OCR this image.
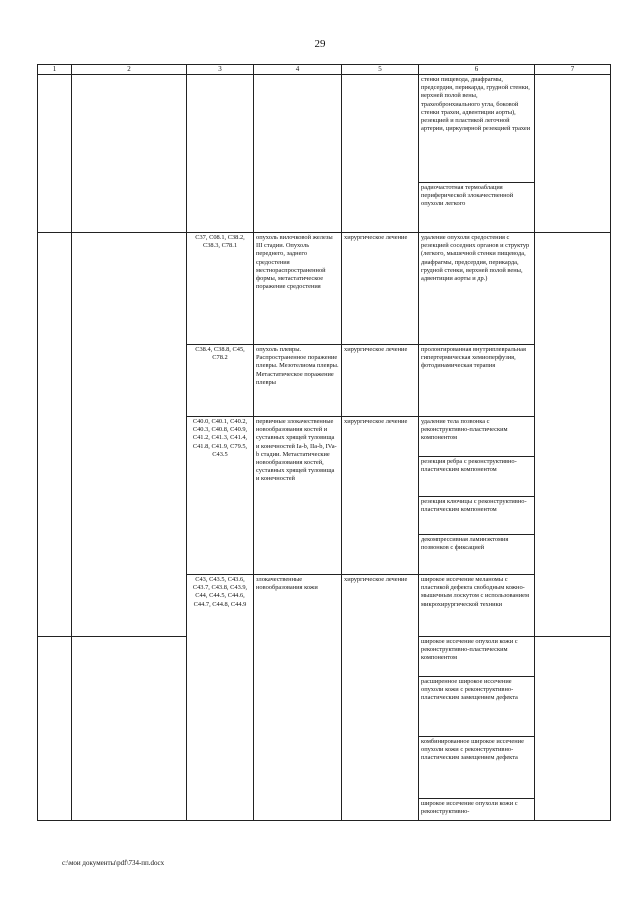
29
1	2	3	4	5	6	7
					стенки пищевода, диафрагмы, предсердия, перикарда, грудной стенки, верхней полой вены, трахеобронхиального угла, боковой стенки трахеи, адвентиции аорты), резекцией и пластикой легочной артерии, циркулярной резекцией трахеи	
					радиочастотная термоаблация периферической злокачественной опухоли легкого	
		C37, C08.1, C38.2, C38.3, C78.1	опухоль вилочковой железы III стадии. Опухоль переднего, заднего средостения местнораспространенной формы, метастатическое поражение средостения	хирургическое лечение	удаление опухоли средостения с резекцией соседних органов и структур (легкого, мышечной стенки пищевода, диафрагмы, предсердия, перикарда, грудной стенки, верхней полой вены, адвентиции аорты и др.)	
		C38.4, C38.8, C45, C78.2	опухоль плевры. Распространенное поражение плевры. Мезотелиома плевры. Метастатическое поражение плевры	хирургическое лечение	пролонгированная внутриплевральная гипертермическая хемиоперфузия, фотодинамическая терапия	
		C40.0, C40.1, C40.2, C40.3, C40.8, C40.9, C41.2, C41.3, C41.4, C41.8, C41.9, C79.5, C43.5	первичные злокачественные новообразования костей и суставных хрящей туловища и конечностей Ia-b, IIa-b, IVa-b стадии. Метастатические новообразования костей, суставных хрящей туловища и конечностей	хирургическое лечение	удаление тела позвонка с реконструктивно-пластическим компонентом	
					резекция ребра с реконструктивно-пластическим компонентом	
					резекция ключицы с реконструктивно-пластическим компонентом	
					декомпрессивная ламинэктомия позвонков с фиксацией	
		C43, C43.5, C43.6, C43.7, C43.8, C43.9, C44, C44.5, C44.6, C44.7, C44.8, C44.9	злокачественные новообразования кожи	хирургическое лечение	широкое иссечение меланомы с пластикой дефекта свободным кожно-мышечным лоскутом с использованием микрохирургической техники	
					широкое иссечение опухоли кожи с реконструктивно-пластическим компонентом	
					расширенное широкое иссечение опухоли кожи с реконструктивно-пластическим замещением дефекта	
					комбинированное широкое иссечение опухоли кожи с реконструктивно-пластическим замещением дефекта	
					широкое иссечение опухоли кожи с реконструктивно-	
c:\мои документы\pdf\734-пп.docx
